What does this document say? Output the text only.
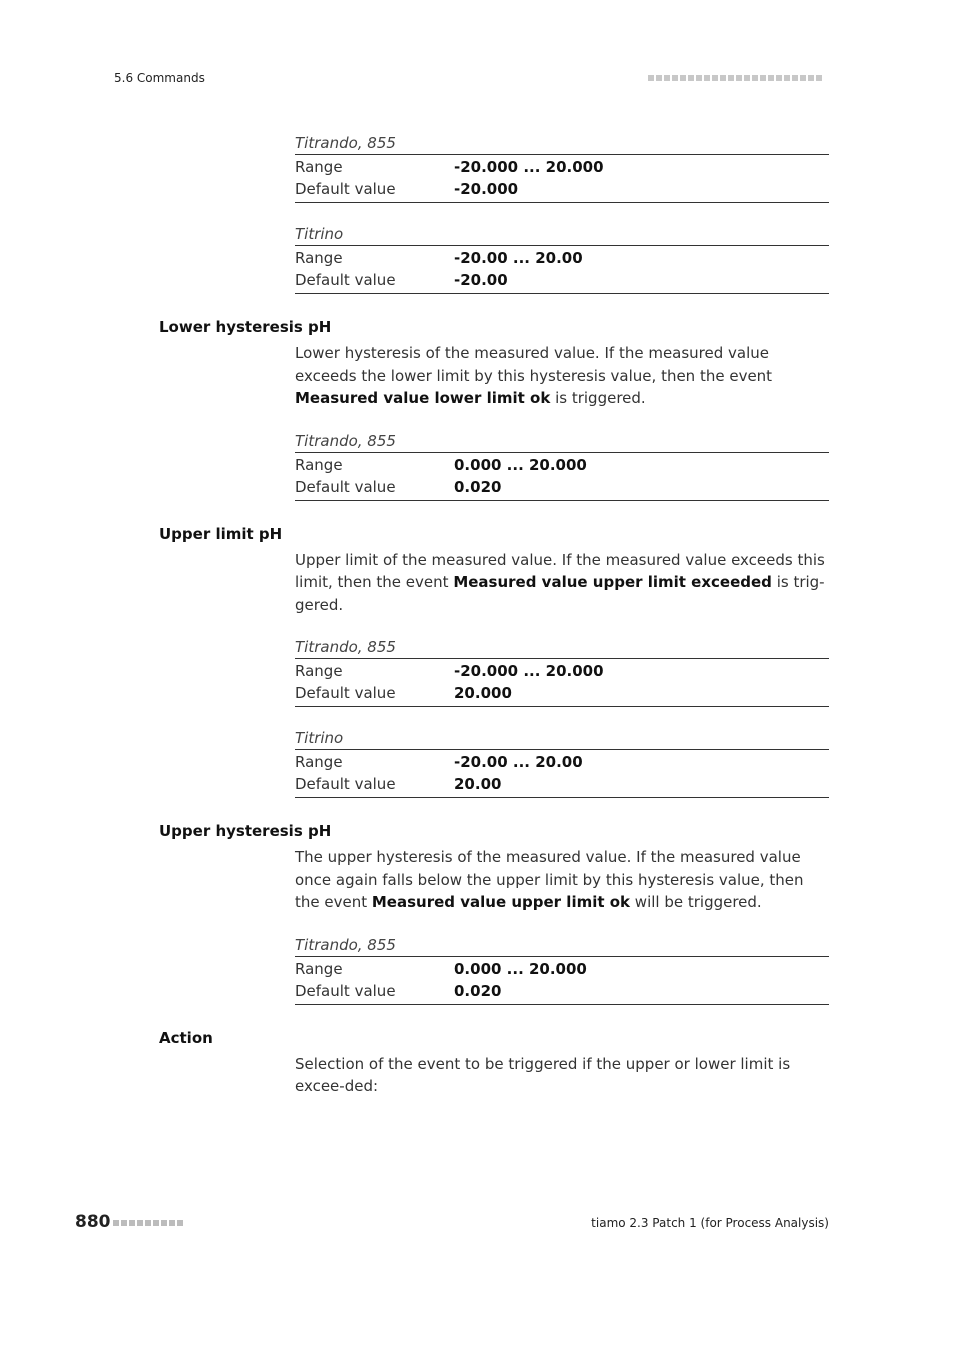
5.6 Commands
Titrando, 855
Range	-20.000 ... 20.000
Default value	-20.000
Titrino
Range	-20.00 ... 20.00
Default value	-20.00
Lower hysteresis pH
Lower hysteresis of the measured value. If the measured value exceeds the lower limit by this hysteresis value, then the event Measured value lower limit ok is triggered.
Titrando, 855
Range	0.000 ... 20.000
Default value	0.020
Upper limit pH
Upper limit of the measured value. If the measured value exceeds this limit, then the event Measured value upper limit exceeded is trig-gered.
Titrando, 855
Range	-20.000 ... 20.000
Default value	20.000
Titrino
Range	-20.00 ... 20.00
Default value	20.00
Upper hysteresis pH
The upper hysteresis of the measured value. If the measured value once again falls below the upper limit by this hysteresis value, then the event Measured value upper limit ok will be triggered.
Titrando, 855
Range	0.000 ... 20.000
Default value	0.020
Action
Selection of the event to be triggered if the upper or lower limit is excee-ded:
880	tiamo 2.3 Patch 1 (for Process Analysis)
